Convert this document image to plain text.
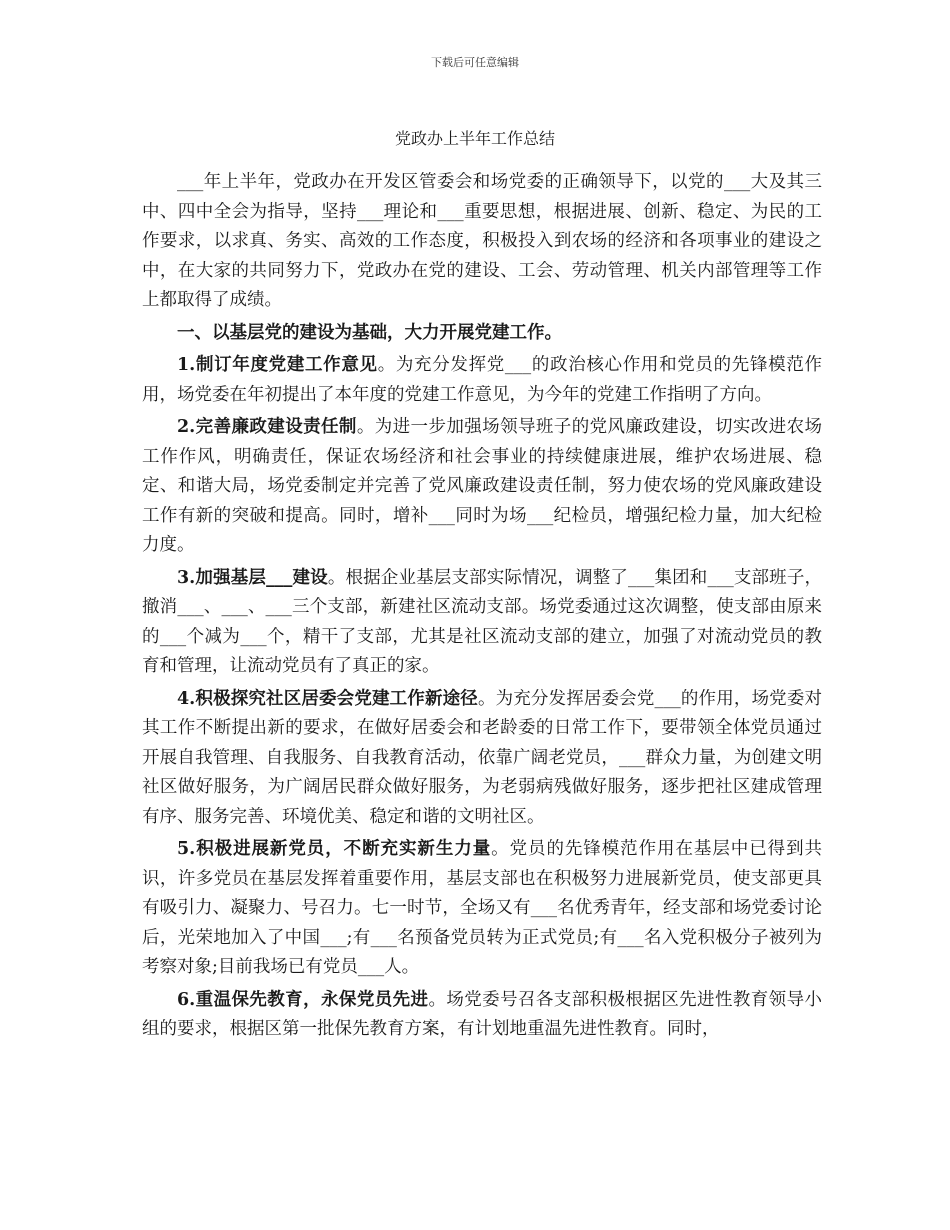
下载后可任意编辑
党政办上半年工作总结

___年上半年，党政办在开发区管委会和场党委的正确领导下，以党的___大及其三中、四中全会为指导，坚持___理论和___重要思想，根据进展、创新、稳定、为民的工作要求，以求真、务实、高效的工作态度，积极投入到农场的经济和各项事业的建设之中，在大家的共同努力下，党政办在党的建设、工会、劳动管理、机关内部管理等工作上都取得了成绩。

一、以基层党的建设为基础，大力开展党建工作。

1.制订年度党建工作意见。为充分发挥党___的政治核心作用和党员的先锋模范作用，场党委在年初提出了本年度的党建工作意见，为今年的党建工作指明了方向。

2.完善廉政建设责任制。为进一步加强场领导班子的党风廉政建设，切实改进农场工作作风，明确责任，保证农场经济和社会事业的持续健康进展，维护农场进展、稳定、和谐大局，场党委制定并完善了党风廉政建设责任制，努力使农场的党风廉政建设工作有新的突破和提高。同时，增补___同时为场___纪检员，增强纪检力量，加大纪检力度。

3.加强基层___建设。根据企业基层支部实际情况，调整了___集团和___支部班子，撤消___、___、___三个支部，新建社区流动支部。场党委通过这次调整，使支部由原来的___个减为___个，精干了支部，尤其是社区流动支部的建立，加强了对流动党员的教育和管理，让流动党员有了真正的家。

4.积极探究社区居委会党建工作新途径。为充分发挥居委会党___的作用，场党委对其工作不断提出新的要求，在做好居委会和老龄委的日常工作下，要带领全体党员通过开展自我管理、自我服务、自我教育活动，依靠广阔老党员，___群众力量，为创建文明社区做好服务，为广阔居民群众做好服务，为老弱病残做好服务，逐步把社区建成管理有序、服务完善、环境优美、稳定和谐的文明社区。

5.积极进展新党员，不断充实新生力量。党员的先锋模范作用在基层中已得到共识，许多党员在基层发挥着重要作用，基层支部也在积极努力进展新党员，使支部更具有吸引力、凝聚力、号召力。七一时节，全场又有___名优秀青年，经支部和场党委讨论后，光荣地加入了中国___;有___名预备党员转为正式党员;有___名入党积极分子被列为考察对象;目前我场已有党员___人。

6.重温保先教育，永保党员先进。场党委号召各支部积极根据区先进性教育领导小组的要求，根据区第一批保先教育方案，有计划地重温先进性教育。同时，
